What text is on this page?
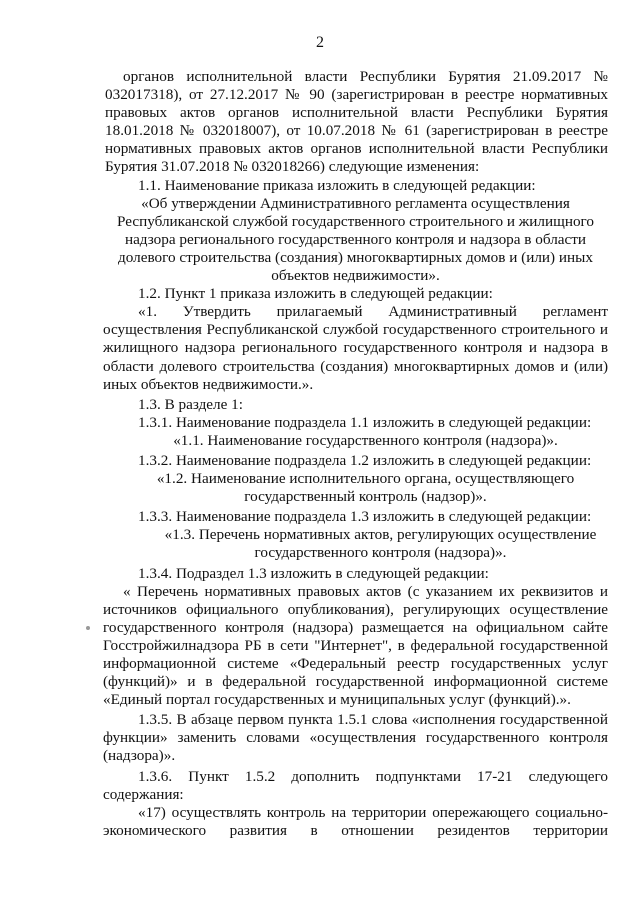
2

органов исполнительной власти Республики Бурятия 21.09.2017 №

032017318), от 27.12.2017 № 90 (зарегистрирован в реестре нормативных правовых актов органов исполнительной власти Республики Бурятия 18.01.2018 № 032018007), от 10.07.2018 № 61 (зарегистрирован в реестре нормативных правовых актов органов исполнительной власти Республики Бурятия 31.07.2018 № 032018266) следующие изменения:

1.1. Наименование приказа изложить в следующей редакции:

«Об утверждении Административного регламента осуществления Республиканской службой государственного строительного и жилищного надзора регионального государственного контроля и надзора в области долевого строительства (создания) многоквартирных домов и (или) иных объектов недвижимости».

1.2. Пункт 1 приказа изложить в следующей редакции:

«1. Утвердить прилагаемый Административный регламент

осуществления Республиканской службой государственного строительного и жилищного надзора регионального государственного контроля и надзора в области долевого строительства (создания) многоквартирных домов и (или) иных объектов недвижимости.».

1.3. В разделе 1:

1.3.1. Наименование подраздела 1.1 изложить в следующей редакции:

«1.1. Наименование государственного контроля (надзора)».

1.3.2. Наименование подраздела 1.2 изложить в следующей редакции:

«1.2. Наименование исполнительного органа, осуществляющего государственный контроль (надзор)».

1.3.3. Наименование подраздела 1.3 изложить в следующей редакции:

«1.3. Перечень нормативных актов, регулирующих осуществление государственного контроля (надзора)».

1.3.4. Подраздел 1.3 изложить в следующей редакции:

« Перечень нормативных правовых актов (с указанием их реквизитов и

источников официального опубликования), регулирующих осуществление государственного контроля (надзора) размещается на официальном сайте Госстройжилнадзора РБ в сети "Интернет", в федеральной государственной информационной системе «Федеральный реестр государственных услуг (функций)» и в федеральной государственной информационной системе «Единый портал государственных и муниципальных услуг (функций).».

1.3.5. В абзаце первом пункта 1.5.1 слова «исполнения государственной

функции» заменить словами «осуществления государственного контроля (надзора)».

1.3.6. Пункт 1.5.2 дополнить подпунктами 17-21 следующего

содержания:

«17) осуществлять контроль на территории опережающего социально-

экономического развития в отношении резидентов территории
